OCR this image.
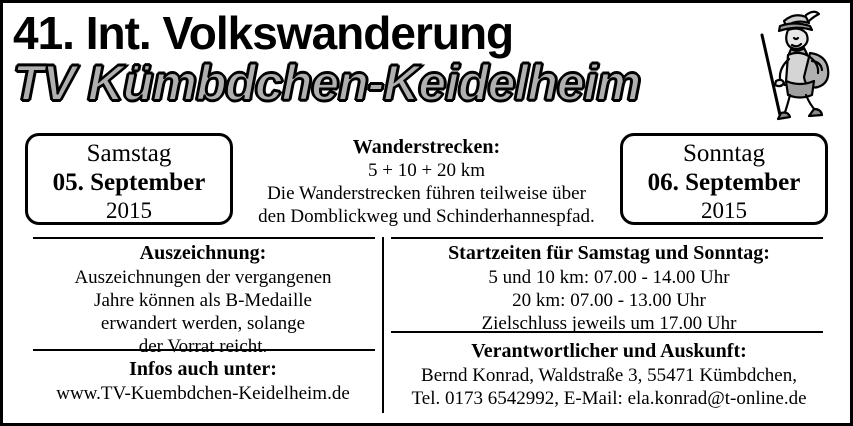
41. Int. Volkswanderung
TV Kümbdchen-Keidelheim
Samstag
05. September
2015
Wanderstrecken:
5 + 10 + 20 km
Die Wanderstrecken führen teilweise über
den Domblickweg und Schinderhannespfad.
Sonntag
06. September
2015
Auszeichnung:
Auszeichnungen der vergangenen
Jahre können als B-Medaille
erwandert werden, solange
der Vorrat reicht.
Startzeiten für Samstag und Sonntag:
5 und 10 km: 07.00 - 14.00 Uhr
20 km: 07.00 - 13.00 Uhr
Zielschluss jeweils um 17.00 Uhr
Infos auch unter:
www.TV-Kuembdchen-Keidelheim.de
Verantwortlicher und Auskunft:
Bernd Konrad, Waldstraße 3, 55471 Kümbdchen,
Tel. 0173 6542992, E-Mail: ela.konrad@t-online.de
